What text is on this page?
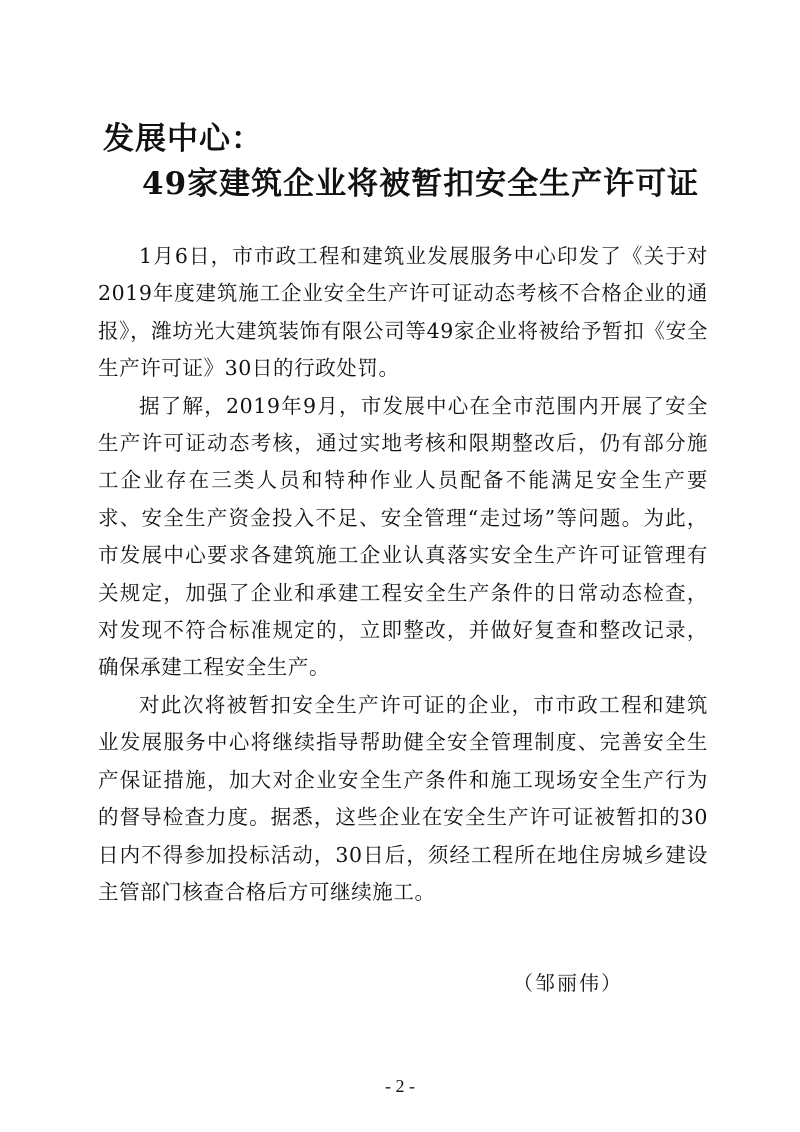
发展中心：
49家建筑企业将被暂扣安全生产许可证

1月6日，市市政工程和建筑业发展服务中心印发了《关于对2019年度建筑施工企业安全生产许可证动态考核不合格企业的通报》，潍坊光大建筑装饰有限公司等49家企业将被给予暂扣《安全生产许可证》30日的行政处罚。

据了解，2019年9月，市发展中心在全市范围内开展了安全生产许可证动态考核，通过实地考核和限期整改后，仍有部分施工企业存在三类人员和特种作业人员配备不能满足安全生产要求、安全生产资金投入不足、安全管理“走过场”等问题。为此，市发展中心要求各建筑施工企业认真落实安全生产许可证管理有关规定，加强了企业和承建工程安全生产条件的日常动态检查，对发现不符合标准规定的，立即整改，并做好复查和整改记录，确保承建工程安全生产。

对此次将被暂扣安全生产许可证的企业，市市政工程和建筑业发展服务中心将继续指导帮助健全安全管理制度、完善安全生产保证措施，加大对企业安全生产条件和施工现场安全生产行为的督导检查力度。据悉，这些企业在安全生产许可证被暂扣的30日内不得参加投标活动，30日后，须经工程所在地住房城乡建设主管部门核查合格后方可继续施工。

（邹丽伟）
- 2 -
